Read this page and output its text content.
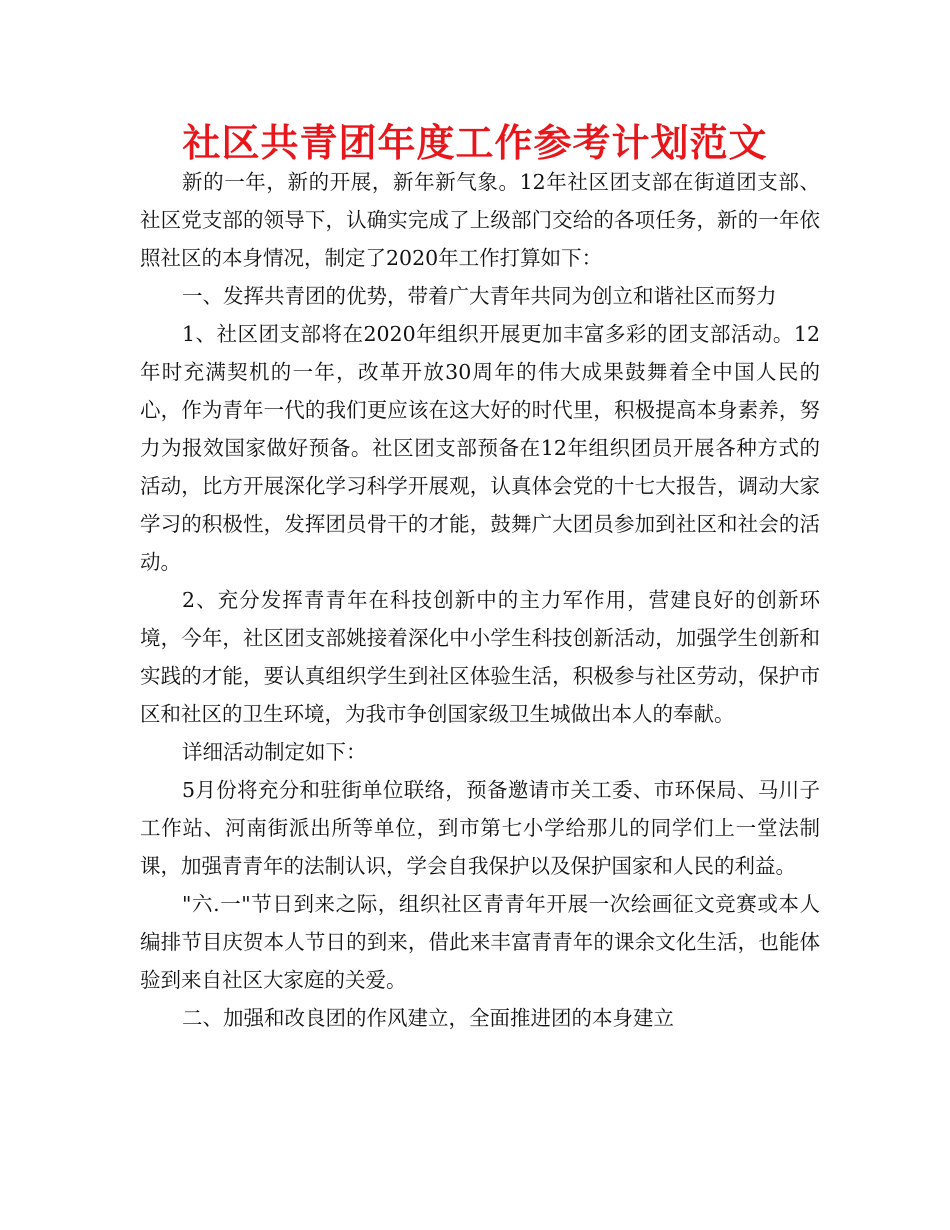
社区共青团年度工作参考计划范文

新的一年，新的开展，新年新气象。12年社区团支部在街道团支部、社区党支部的领导下，认确实完成了上级部门交给的各项任务，新的一年依照社区的本身情况，制定了2020年工作打算如下：

一、发挥共青团的优势，带着广大青年共同为创立和谐社区而努力

1、社区团支部将在2020年组织开展更加丰富多彩的团支部活动。12年时充满契机的一年，改革开放30周年的伟大成果鼓舞着全中国人民的心，作为青年一代的我们更应该在这大好的时代里，积极提高本身素养，努力为报效国家做好预备。社区团支部预备在12年组织团员开展各种方式的活动，比方开展深化学习科学开展观，认真体会党的十七大报告，调动大家学习的积极性，发挥团员骨干的才能，鼓舞广大团员参加到社区和社会的活动。

2、充分发挥青青年在科技创新中的主力军作用，营建良好的创新环境，今年，社区团支部姚接着深化中小学生科技创新活动，加强学生创新和实践的才能，要认真组织学生到社区体验生活，积极参与社区劳动，保护市区和社区的卫生环境，为我市争创国家级卫生城做出本人的奉献。

详细活动制定如下：

5月份将充分和驻街单位联络，预备邀请市关工委、市环保局、马川子工作站、河南街派出所等单位，到市第七小学给那儿的同学们上一堂法制课，加强青青年的法制认识，学会自我保护以及保护国家和人民的利益。

"六.一"节日到来之际，组织社区青青年开展一次绘画征文竞赛或本人编排节目庆贺本人节日的到来，借此来丰富青青年的课余文化生活，也能体验到来自社区大家庭的关爱。

二、加强和改良团的作风建立，全面推进团的本身建立
